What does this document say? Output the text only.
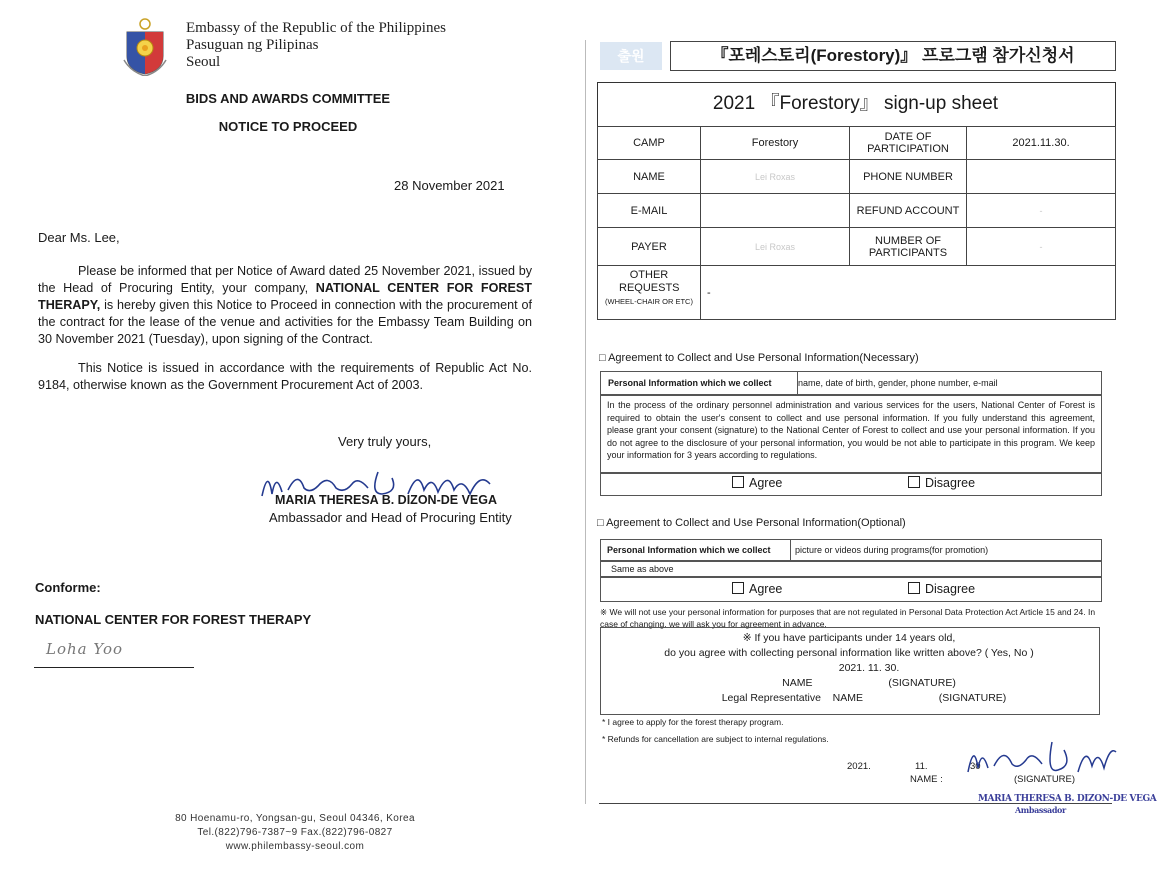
Embassy of the Republic of the Philippines
Pasuguan ng Pilipinas
Seoul
BIDS AND AWARDS COMMITTEE
NOTICE TO PROCEED
28 November 2021
Dear Ms. Lee,
Please be informed that per Notice of Award dated 25 November 2021, issued by the Head of Procuring Entity, your company, NATIONAL CENTER FOR FOREST THERAPY, is hereby given this Notice to Proceed in connection with the procurement of the contract for the lease of the venue and activities for the Embassy Team Building on 30 November 2021 (Tuesday), upon signing of the Contract.
This Notice is issued in accordance with the requirements of Republic Act No. 9184, otherwise known as the Government Procurement Act of 2003.
Very truly yours,
MARIA THERESA B. DIZON-DE VEGA
Ambassador and Head of Procuring Entity
Conforme:
NATIONAL CENTER FOR FOREST THERAPY
Loha Yoo
80 Hoenamu-ro, Yongsan-gu, Seoul 04346, Korea
Tel.(822)796-7387~9 Fax.(822)796-0827
www.philembassy-seoul.com
출원	『포레스토리(Forestory)』 프로그램 참가신청서
2021 『Forestory』 sign-up sheet
CAMP	Forestory	DATE OF PARTICIPATION	2021.11.30.
NAME	Lei Roxas	PHONE NUMBER	
E-MAIL		REFUND ACCOUNT	-
PAYER	Lei Roxas	NUMBER OF PARTICIPANTS	-

OTHER REQUESTS
(WHEEL-CHAIR OR ETC)	-		
□ Agreement to Collect and Use Personal Information(Necessary)
Personal Information which we collect	name, date of birth, gender, phone number, e-mail
In the process of the ordinary personnel administration and various services for the users, National Center of Forest is required to obtain the user's consent to collect and use personal information. If you fully understand this agreement, please grant your consent (signature) to the National Center of Forest to collect and use your personal information. If you do not agree to the disclosure of your personal information, you would be not able to participate in this program. We keep your information for 3 years according to regulations.
Agree	Disagree
□ Agreement to Collect and Use Personal Information(Optional)
Personal Information which we collect	picture or videos during programs(for promotion)
Same as above
Agree	Disagree
※ We will not use your personal information for purposes that are not regulated in Personal Data Protection Act Article 15 and 24. In case of changing, we will ask you for agreement in advance.
※ If you have participants under 14 years old,
do you agree with collecting personal information like written above? ( Yes, No )
2021. 11. 30.
NAME                          (SIGNATURE)
Legal Representative    NAME                          (SIGNATURE)
* I agree to apply for the forest therapy program.
* Refunds for cancellation are subject to internal regulations.
2021.	11.	30
NAME :	(SIGNATURE)
MARIA THERESA B. DIZON-DE VEGA
Ambassador
